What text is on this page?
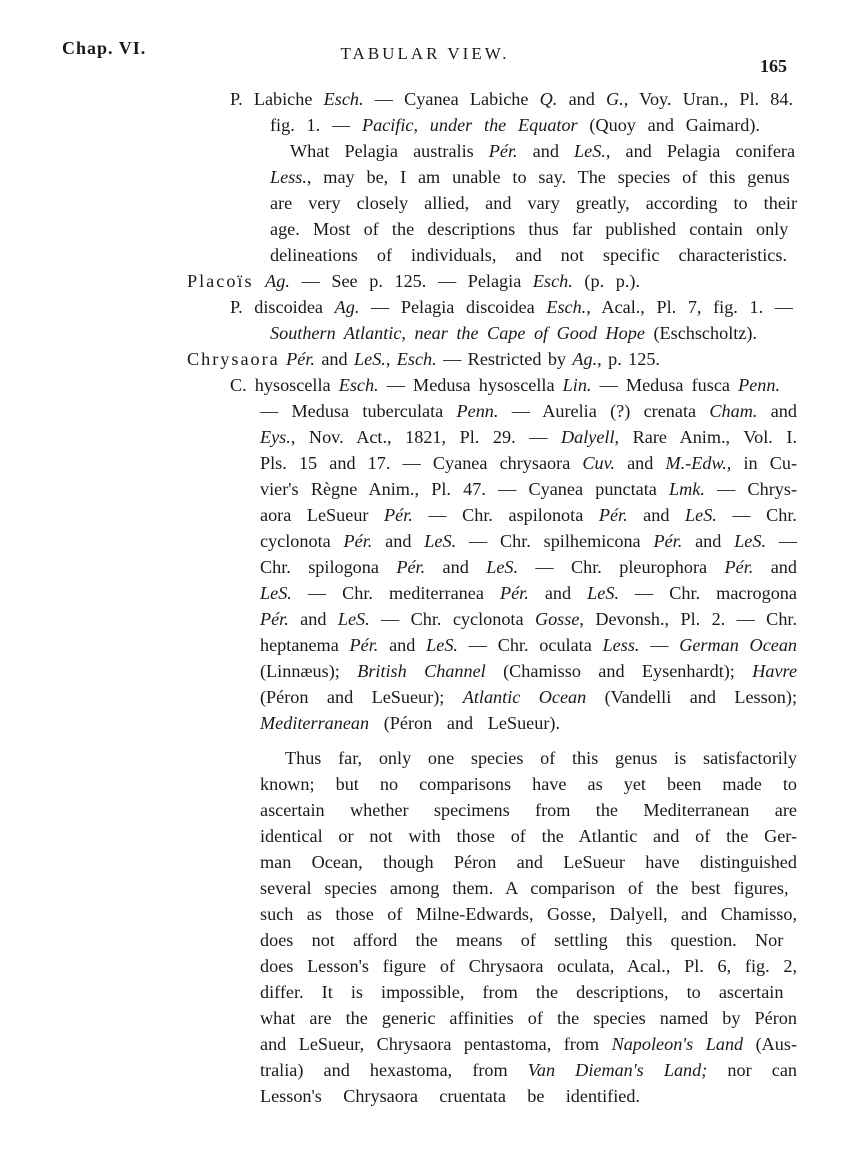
Chap. VI.	TABULAR VIEW.
165
P. Labiche Esch. — Cyanea Labiche Q. and G., Voy. Uran., Pl. 84.
fig. 1. — Pacific, under the Equator (Quoy and Gaimard).
What Pelagia australis Pér. and LeS., and Pelagia conifera
Less., may be, I am unable to say. The species of this genus
are very closely allied, and vary greatly, according to their
age. Most of the descriptions thus far published contain only
delineations of individuals, and not specific characteristics.
Placoïs Ag. — See p. 125. — Pelagia Esch. (p. p.).
P. discoidea Ag. — Pelagia discoidea Esch., Acal., Pl. 7, fig. 1. —
Southern Atlantic, near the Cape of Good Hope (Eschscholtz).
Chrysaora Pér. and LeS., Esch. — Restricted by Ag., p. 125.
C. hysoscella Esch. — Medusa hysoscella Lin. — Medusa fusca Penn.
— Medusa tuberculata Penn. — Aurelia (?) crenata Cham. and
Eys., Nov. Act., 1821, Pl. 29. — Dalyell, Rare Anim., Vol. I.
Pls. 15 and 17. — Cyanea chrysaora Cuv. and M.-Edw., in Cu-
vier's Règne Anim., Pl. 47. — Cyanea punctata Lmk. — Chrys-
aora LeSueur Pér. — Chr. aspilonota Pér. and LeS. — Chr.
cyclonota Pér. and LeS. — Chr. spilhemicona Pér. and LeS. —
Chr. spilogona Pér. and LeS. — Chr. pleurophora Pér. and
LeS. — Chr. mediterranea Pér. and LeS. — Chr. macrogona
Pér. and LeS. — Chr. cyclonota Gosse, Devonsh., Pl. 2. — Chr.
heptanema Pér. and LeS. — Chr. oculata Less. — German Ocean
(Linnæus); British Channel (Chamisso and Eysenhardt); Havre
(Péron and LeSueur); Atlantic Ocean (Vandelli and Lesson);
Mediterranean (Péron and LeSueur).
Thus far, only one species of this genus is satisfactorily
known; but no comparisons have as yet been made to
ascertain whether specimens from the Mediterranean are
identical or not with those of the Atlantic and of the Ger-
man Ocean, though Péron and LeSueur have distinguished
several species among them. A comparison of the best figures,
such as those of Milne-Edwards, Gosse, Dalyell, and Chamisso,
does not afford the means of settling this question. Nor
does Lesson's figure of Chrysaora oculata, Acal., Pl. 6, fig. 2,
differ. It is impossible, from the descriptions, to ascertain
what are the generic affinities of the species named by Péron
and LeSueur, Chrysaora pentastoma, from Napoleon's Land (Aus-
tralia) and hexastoma, from Van Dieman's Land; nor can
Lesson's Chrysaora cruentata be identified.
